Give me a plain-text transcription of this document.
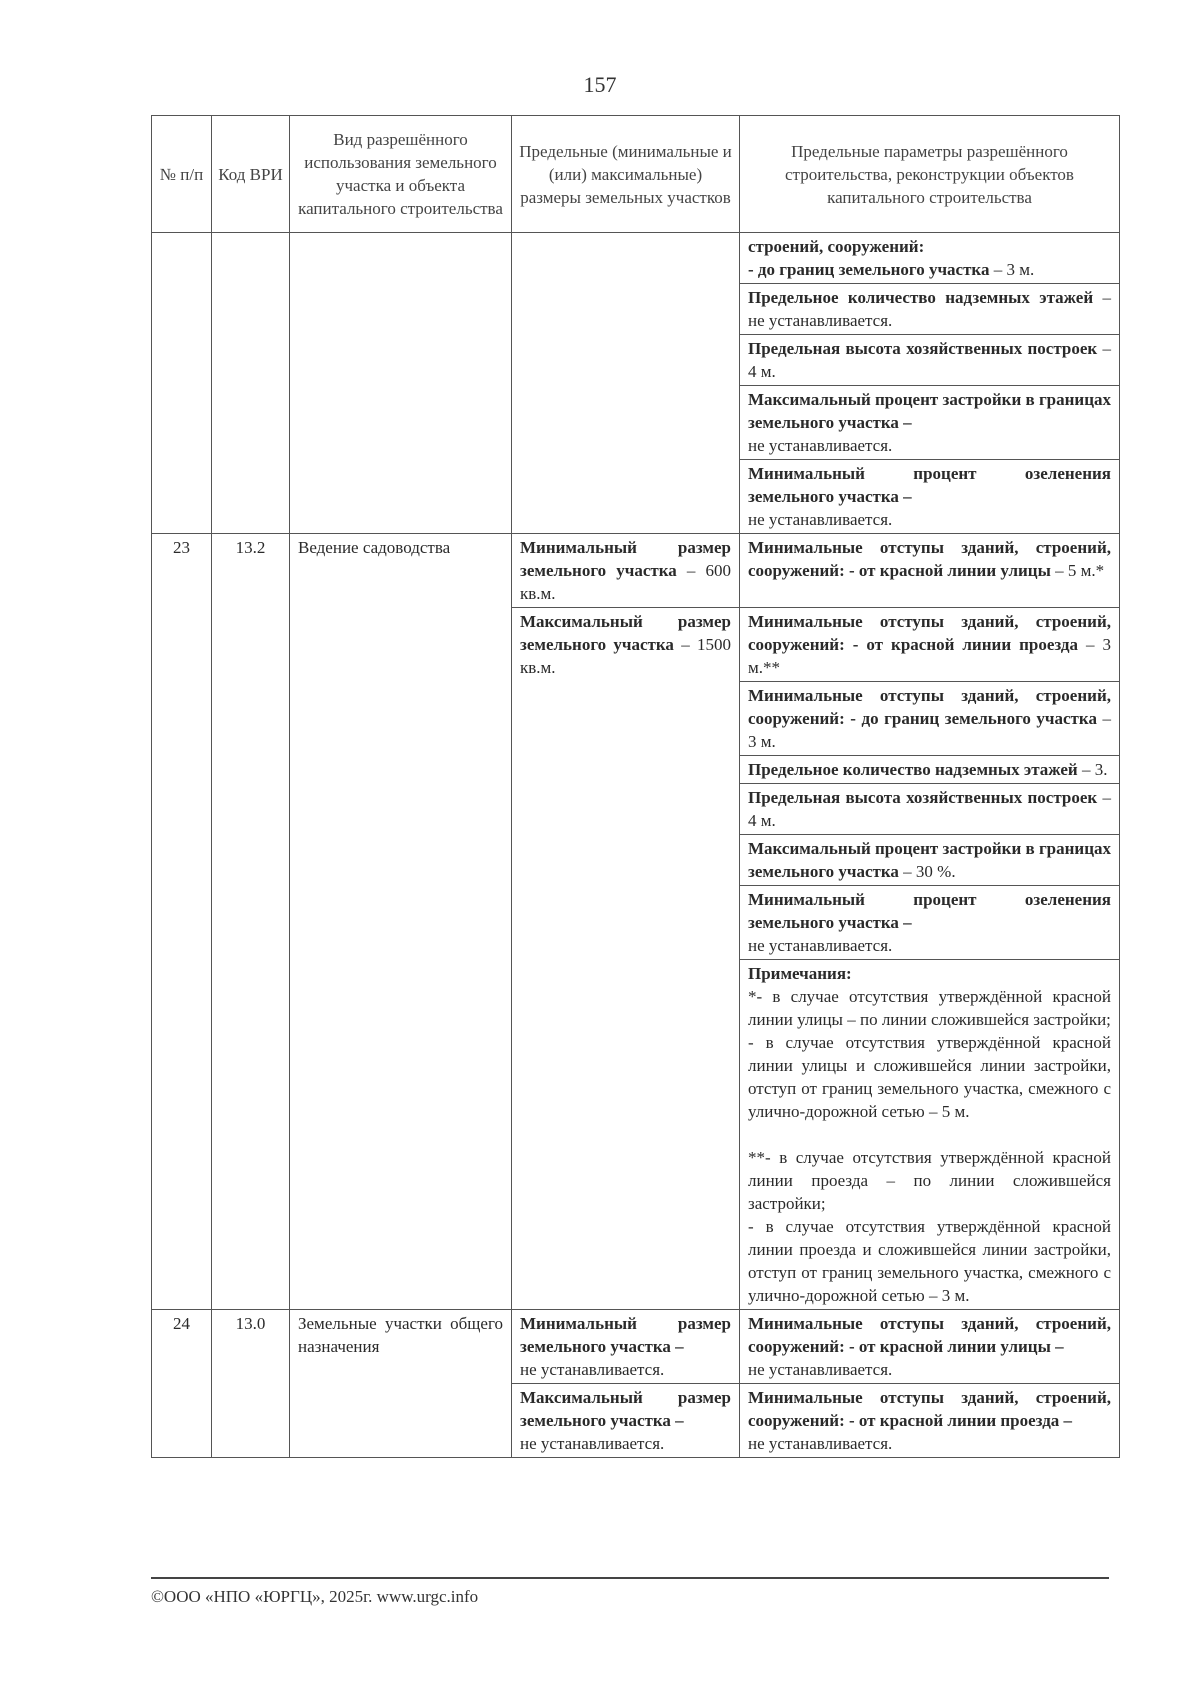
157
№ п/п	Код ВРИ	Вид разрешённого использования земельного участка и объекта капитального строительства	Предельные (минимальные и (или) максимальные) размеры земельных участков	Предельные параметры разрешённого строительства, реконструкции объектов капитального строительства

				строений, сооружений:
- до границ земельного участка – 3 м.
				Предельное количество надземных этажей – не устанавливается.
				Предельная высота хозяйственных построек – 4 м.
				Максимальный процент застройки в границах земельного участка –
не устанавливается.

				Минимальный процент озеленения земельного участка –
не устанавливается.

23	13.2	Ведение садоводства	Минимальный размер земельного участка – 600 кв.м.	Минимальные отступы зданий, строений, сооружений: - от красной линии улицы – 5 м.*
			Максимальный размер земельного участка – 1500 кв.м.	Минимальные отступы зданий, строений, сооружений: - от красной линии проезда – 3 м.**
				Минимальные отступы зданий, строений, сооружений: - до границ земельного участка – 3 м.
				Предельное количество надземных этажей – 3.
				Предельная высота хозяйственных построек – 4 м.
				Максимальный процент застройки в границах земельного участка – 30 %.
				Минимальный процент озеленения земельного участка –
не устанавливается.

				Примечания:
*- в случае отсутствия утверждённой красной линии улицы – по линии сложившейся застройки;
- в случае отсутствия утверждённой красной линии улицы и сложившейся линии застройки, отступ от границ земельного участка, смежного с улично-дорожной сетью – 5 м.
**- в случае отсутствия утверждённой красной линии проезда – по линии сложившейся застройки;
- в случае отсутствия утверждённой красной линии проезда и сложившейся линии застройки, отступ от границ земельного участка, смежного с улично-дорожной сетью – 3 м.

24	13.0	Земельные участки общего назначения	Минимальный размер земельного участка –
не устанавливается.	Минимальные отступы зданий, строений, сооружений: - от красной линии улицы –
не устанавливается.

			Максимальный размер земельного участка –
не устанавливается.	Минимальные отступы зданий, строений, сооружений: - от красной линии проезда –
не устанавливается.
©ООО «НПО «ЮРГЦ», 2025г. www.urgc.info
